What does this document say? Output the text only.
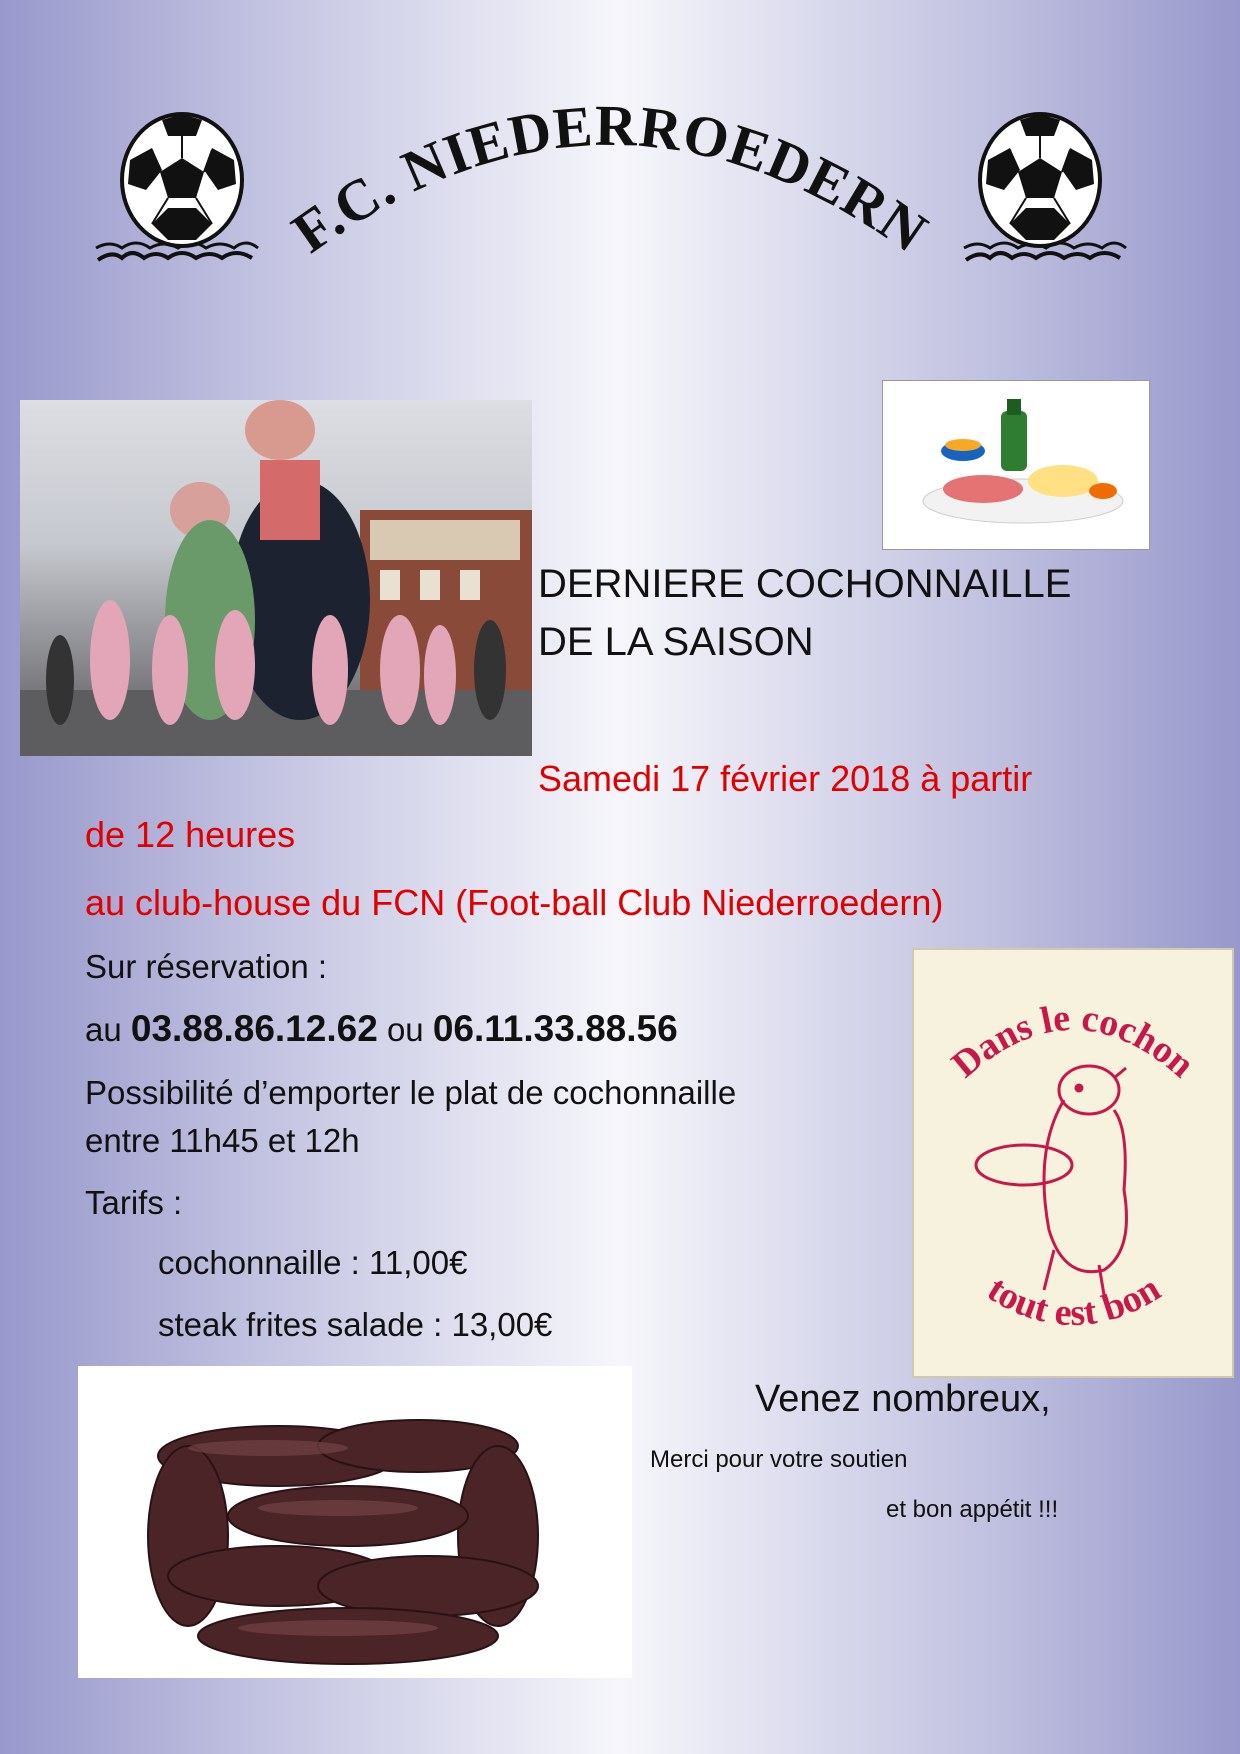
F.C. NIEDERROEDERN
DERNIERE COCHONNAILLE
DE LA SAISON
Samedi 17 février 2018 à partir
de 12 heures
au club-house du FCN (Foot-ball Club Niederroedern)
Sur réservation :
au 03.88.86.12.62 ou 06.11.33.88.56
Possibilité d’emporter le plat de cochonnaille
entre 11h45 et 12h
Tarifs :
cochonnaille : 11,00€
steak frites salade : 13,00€
Dans le cochon
tout est bon
Venez nombreux,
Merci pour votre soutien
et bon appétit !!!
